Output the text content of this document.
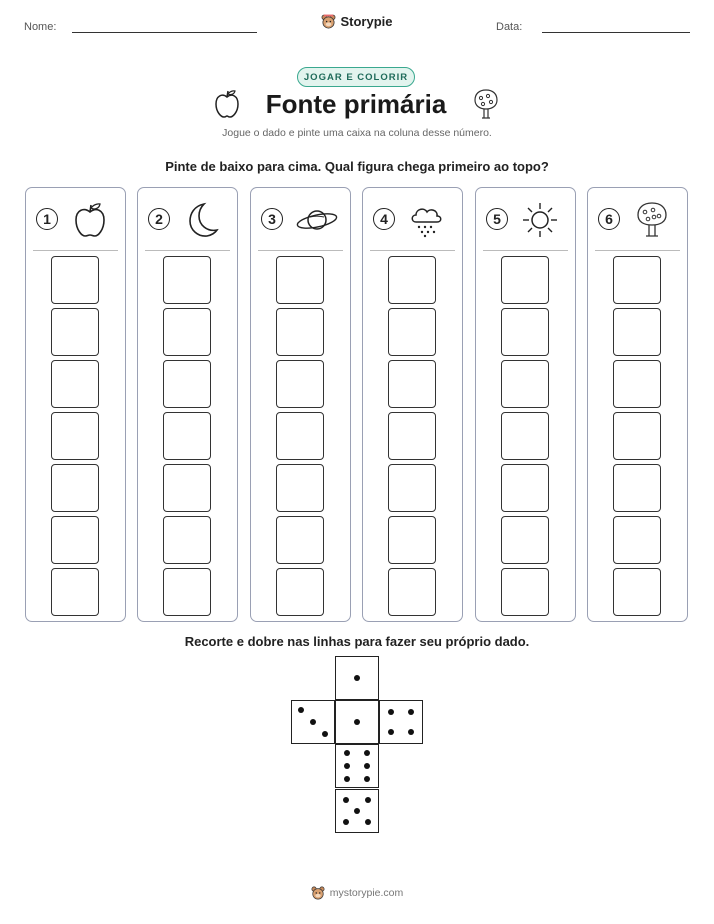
Nome:	Storypie	Data:
JOGAR E COLORIR
Fonte primária
Jogue o dado e pinte uma caixa na coluna desse número.
Pinte de baixo para cima. Qual figura chega primeiro ao topo?
1	2	3	4	5	6
Recorte e dobre nas linhas para fazer seu próprio dado.
mystorypie.com
